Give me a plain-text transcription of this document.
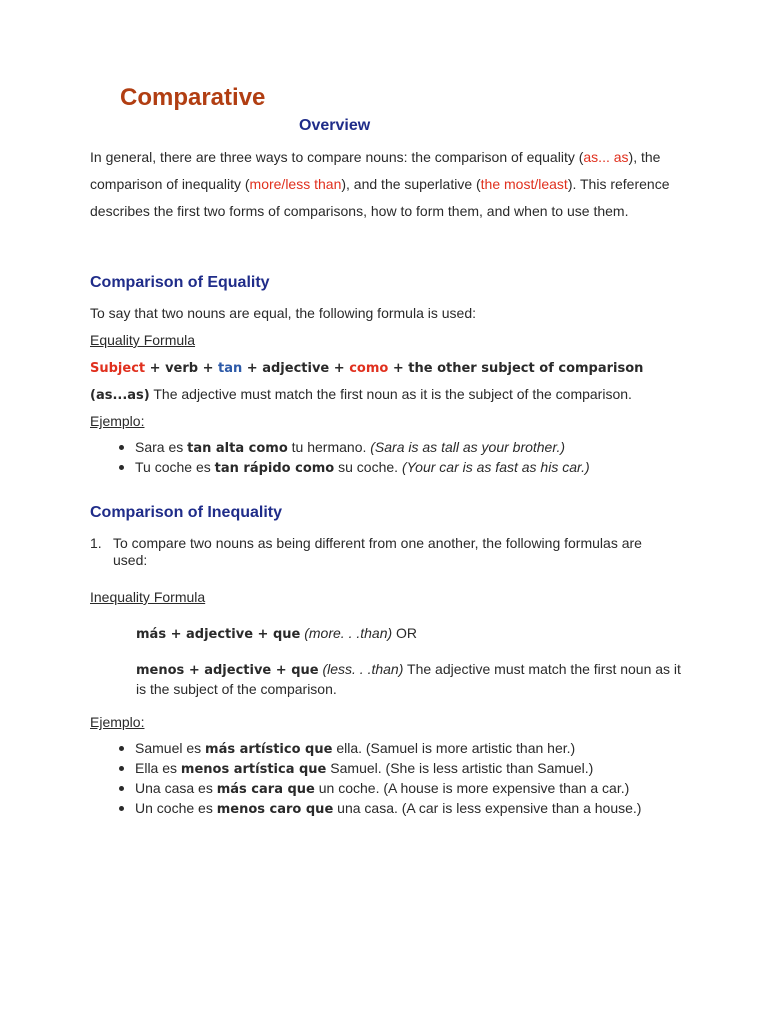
Comparative
Overview
In general, there are three ways to compare nouns: the comparison of equality (as... as), the comparison of inequality (more/less than), and the superlative (the most/least). This reference describes the first two forms of comparisons, how to form them, and when to use them.
Comparison of Equality
To say that two nouns are equal, the following formula is used:
Equality Formula
Subject + verb + tan + adjective + como + the other subject of comparison
(as...as) The adjective must match the first noun as it is the subject of the comparison.
Ejemplo:
Sara es tan alta como tu hermano. (Sara is as tall as your brother.)
Tu coche es tan rápido como su coche. (Your car is as fast as his car.)
Comparison of Inequality
1. To compare two nouns as being different from one another, the following formulas are used:
Inequality Formula
más + adjective + que (more. . .than) OR
menos + adjective + que (less. . .than) The adjective must match the first noun as it is the subject of the comparison.
Ejemplo:
Samuel es más artístico que ella. (Samuel is more artistic than her.)
Ella es menos artística que Samuel. (She is less artistic than Samuel.)
Una casa es más cara que un coche. (A house is more expensive than a car.)
Un coche es menos caro que una casa. (A car is less expensive than a house.)
